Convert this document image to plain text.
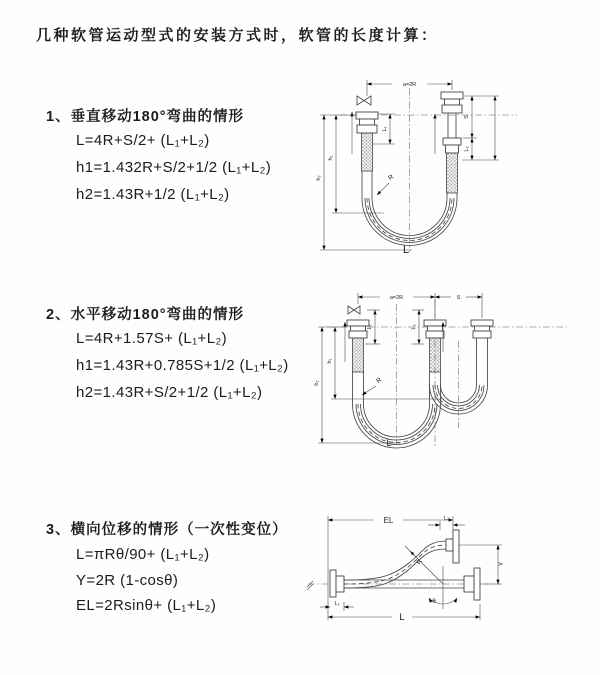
几种软管运动型式的安装方式时，软管的长度计算：
1、垂直移动180°弯曲的情形
L=4R+S/2+ (L₁+L₂)
h1=1.432R+S/2+1/2 (L₁+L₂)
h2=1.43R+1/2 (L₁+L₂)
2、水平移动180°弯曲的情形
L=4R+1.57S+ (L₁+L₂)
h1=1.43R+0.785S+1/2 (L₁+L₂)
h2=1.43R+S/2+1/2 (L₁+L₂)
3、横向位移的情形（一次性变位）
L=πRθ/90+ (L₁+L₂)
Y=2R (1-cosθ)
EL=2Rsinθ+ (L₁+L₂)
a=2R
R
L₁
S
L₂
h₁
h₂
L
a=2R	S
L₁	L₂
R
h₁
h₂
L
EL	L₂
R
θ
Y
L₁
L
